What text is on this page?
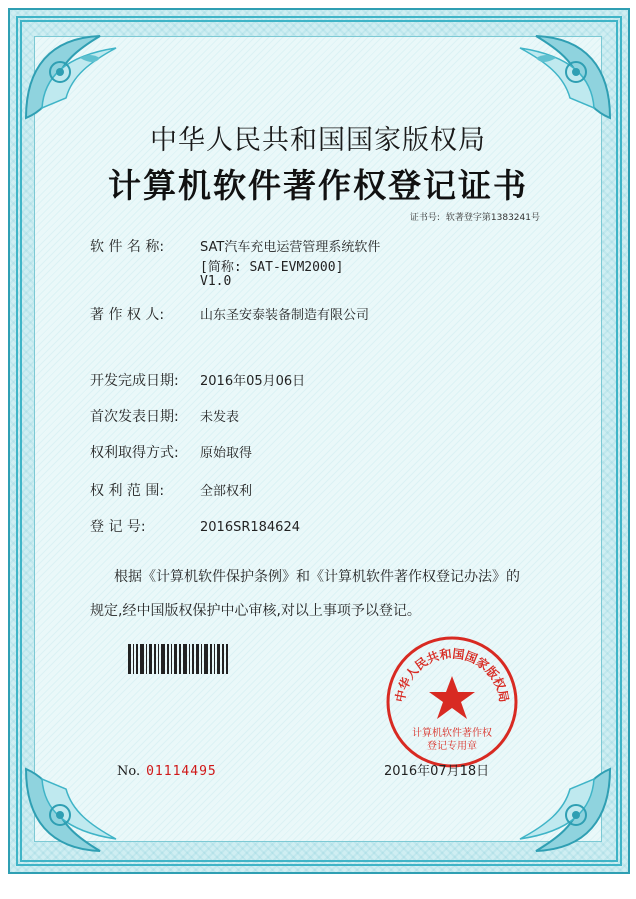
中华人民共和国国家版权局
计算机软件著作权登记证书
证书号: 软著登字第1383241号
软 件 名 称:	SAT汽车充电运营管理系统软件
[简称: SAT-EVM2000]
V1.0
著 作 权 人:	山东圣安泰装备制造有限公司
开发完成日期: 2016年05月06日
首次发表日期: 未发表
权利取得方式: 原始取得
权 利 范 围:	全部权利
登 记 号:	2016SR184624

根据《计算机软件保护条例》和《计算机软件著作权登记办法》的

规定,经中国版权保护中心审核,对以上事项予以登记。

No. 01114495
中华人民共和国国家版权局
计算机软件著作权
登记专用章
2016年07月18日
